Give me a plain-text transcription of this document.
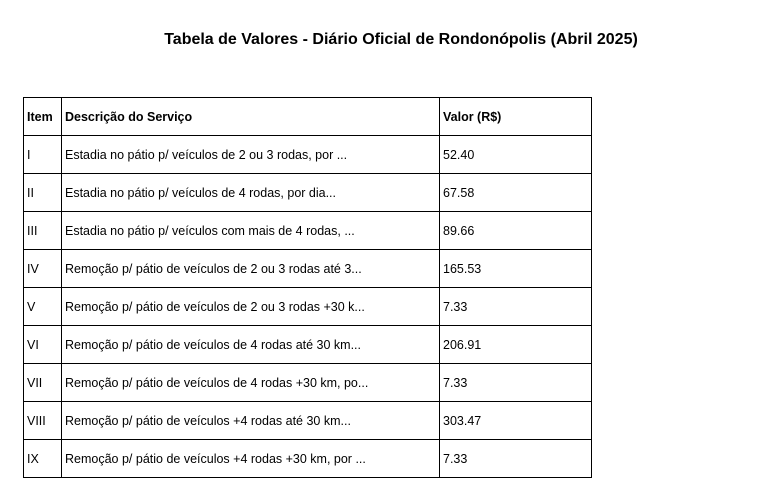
Tabela de Valores - Diário Oficial de Rondonópolis (Abril 2025)
Item	Descrição do Serviço	Valor (R$)
I	Estadia no pátio p/ veículos de 2 ou 3 rodas, por ...	52.40
II	Estadia no pátio p/ veículos de 4 rodas, por dia...	67.58
III	Estadia no pátio p/ veículos com mais de 4 rodas, ...	89.66
IV	Remoção p/ pátio de veículos de 2 ou 3 rodas até 3...	165.53
V	Remoção p/ pátio de veículos de 2 ou 3 rodas +30 k...	7.33
VI	Remoção p/ pátio de veículos de 4 rodas até 30 km...	206.91
VII	Remoção p/ pátio de veículos de 4 rodas +30 km, po...	7.33
VIII	Remoção p/ pátio de veículos +4 rodas até 30 km...	303.47
IX	Remoção p/ pátio de veículos +4 rodas +30 km, por ...	7.33
